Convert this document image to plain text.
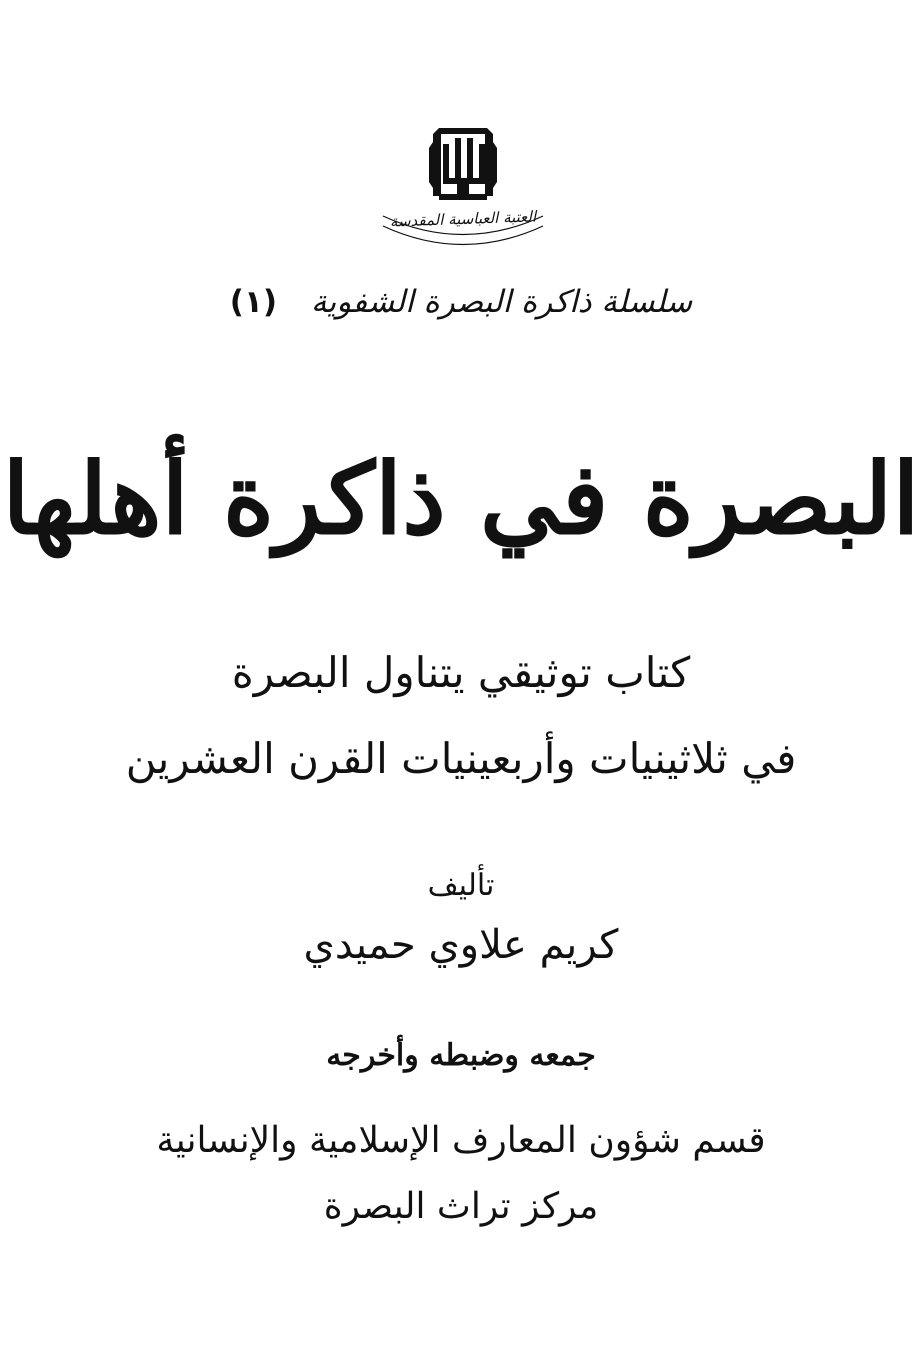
العتبة العباسية المقدسة
سلسلة ذاكرة البصرة الشفوية(١)
البصرة في ذاكرة أهلها
كتاب توثيقي يتناول البصرة
في ثلاثينيات وأربعينيات القرن العشرين
تأليف
كريم علاوي حميدي
جمعه وضبطه وأخرجه
قسم شؤون المعارف الإسلامية والإنسانية
مركز تراث البصرة
